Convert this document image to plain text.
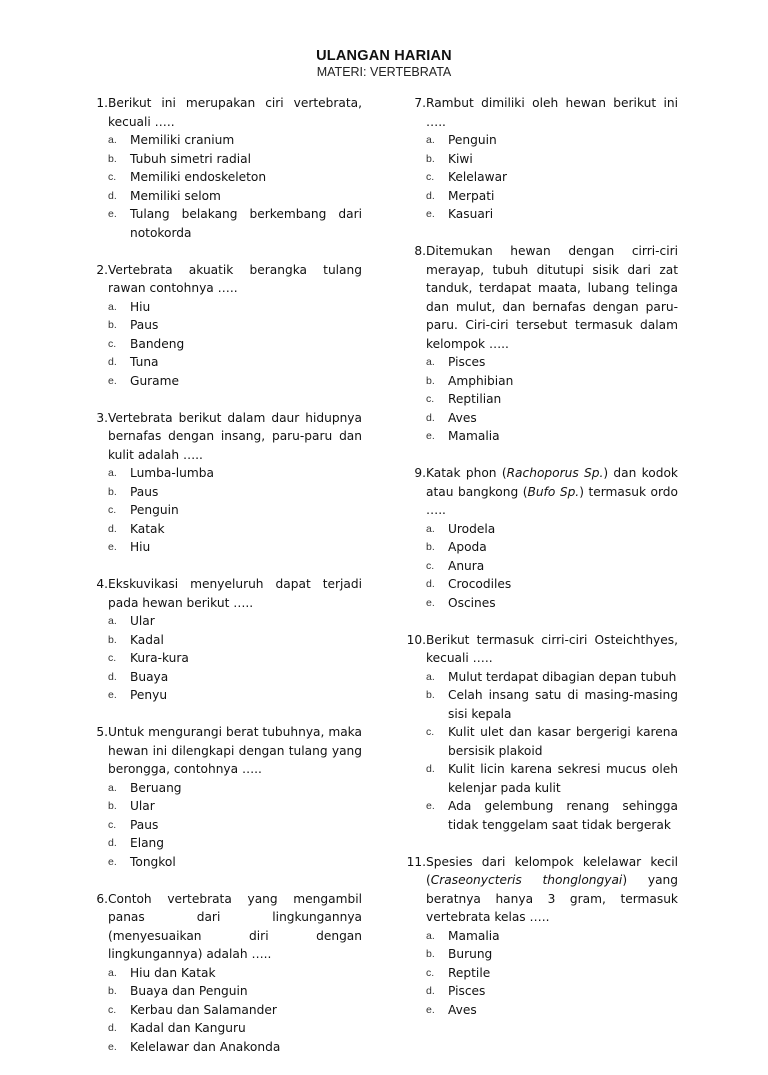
ULANGAN HARIAN
MATERI: VERTEBRATA
1. Berikut ini merupakan ciri vertebrata, kecuali …..
a.	Memiliki cranium
b.	Tubuh simetri radial
c.	Memiliki endoskeleton
d.	Memiliki selom
e.	Tulang belakang berkembang dari notokorda
2. Vertebrata akuatik berangka tulang rawan contohnya …..
a.	Hiu
b.	Paus
c.	Bandeng
d.	Tuna
e.	Gurame
3. Vertebrata berikut dalam daur hidupnya bernafas dengan insang, paru-paru dan kulit adalah …..
a.	Lumba-lumba
b.	Paus
c.	Penguin
d.	Katak
e.	Hiu
4. Ekskuvikasi menyeluruh dapat terjadi pada hewan berikut …..
a.	Ular
b.	Kadal
c.	Kura-kura
d.	Buaya
e.	Penyu
5. Untuk mengurangi berat tubuhnya, maka hewan ini dilengkapi dengan tulang yang berongga, contohnya …..
a.	Beruang
b.	Ular
c.	Paus
d.	Elang
e.	Tongkol
6. Contoh vertebrata yang mengambil panas dari lingkungannya (menyesuaikan diri dengan lingkungannya) adalah …..
a.	Hiu dan Katak
b.	Buaya dan Penguin
c.	Kerbau dan Salamander
d.	Kadal dan Kanguru
e.	Kelelawar dan Anakonda
7. Rambut dimiliki oleh hewan berikut ini …..
a.	Penguin
b.	Kiwi
c.	Kelelawar
d.	Merpati
e.	Kasuari
8. Ditemukan hewan dengan cirri-ciri merayap, tubuh ditutupi sisik dari zat tanduk, terdapat maata, lubang telinga dan mulut, dan bernafas dengan paru-paru. Ciri-ciri tersebut termasuk dalam kelompok …..
a.	Pisces
b.	Amphibian
c.	Reptilian
d.	Aves
e.	Mamalia
9. Katak phon (Rachoporus Sp.) dan kodok atau bangkong (Bufo Sp.) termasuk ordo …..
a.	Urodela
b.	Apoda
c.	Anura
d.	Crocodiles
e.	Oscines
10. Berikut termasuk cirri-ciri Osteichthyes, kecuali …..
a.	Mulut terdapat dibagian depan tubuh
b.	Celah insang satu di masing-masing sisi kepala
c.	Kulit ulet dan kasar bergerigi karena bersisik plakoid
d.	Kulit licin karena sekresi mucus oleh kelenjar pada kulit
e.	Ada gelembung renang sehingga tidak tenggelam saat tidak bergerak
11. Spesies dari kelompok kelelawar kecil (Craseonycteris thonglongyai) yang beratnya hanya 3 gram, termasuk vertebrata kelas …..
a.	Mamalia
b.	Burung
c.	Reptile
d.	Pisces
e.	Aves
